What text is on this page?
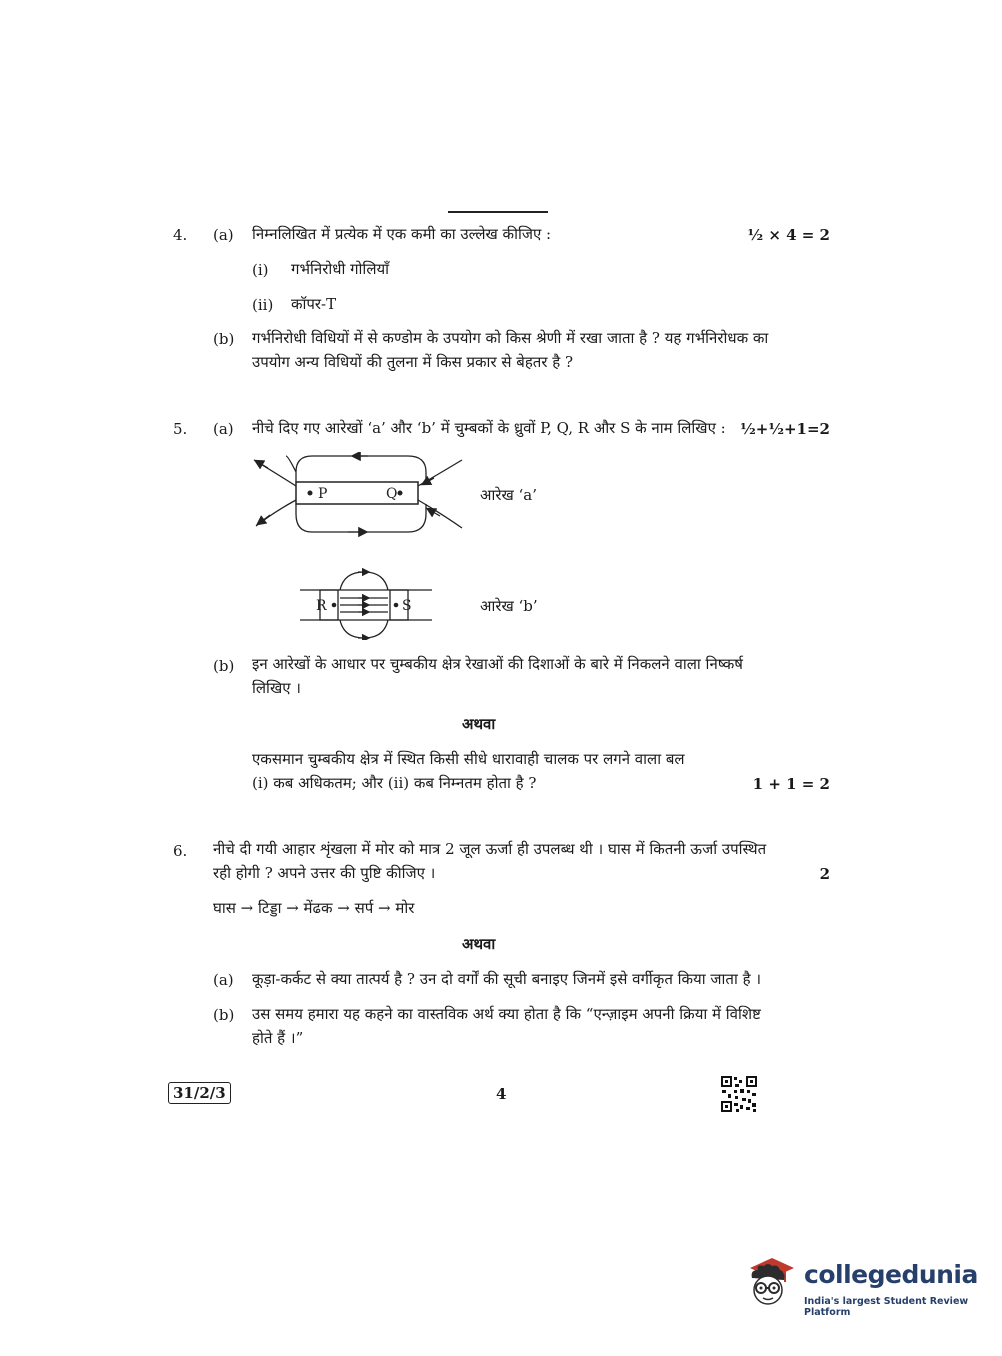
4. (a) निम्नलिखित में प्रत्येक में एक कमी का उल्लेख कीजिए :	½ × 4 = 2
(i) गर्भनिरोधी गोलियाँ
(ii) कॉपर-T
(b) गर्भनिरोधी विधियों में से कण्डोम के उपयोग को किस श्रेणी में रखा जाता है ? यह गर्भनिरोधक का
उपयोग अन्य विधियों की तुलना में किस प्रकार से बेहतर है ?
5. (a) नीचे दिए गए आरेखों ‘a’ और ‘b’ में चुम्बकों के ध्रुवों P, Q, R और S के नाम लिखिए : ½+½+1=2
P	Q	आरेख ‘a’
R	S	आरेख ‘b’
(b) इन आरेखों के आधार पर चुम्बकीय क्षेत्र रेखाओं की दिशाओं के बारे में निकलने वाला निष्कर्ष
लिखिए ।
अथवा
एकसमान चुम्बकीय क्षेत्र में स्थित किसी सीधे धारावाही चालक पर लगने वाला बल
(i) कब अधिकतम; और (ii) कब निम्नतम होता है ?	1 + 1 = 2
6. नीचे दी गयी आहार शृंखला में मोर को मात्र 2 जूल ऊर्जा ही उपलब्ध थी । घास में कितनी ऊर्जा उपस्थित
रही होगी ? अपने उत्तर की पुष्टि कीजिए ।	2
घास → टिड्डा → मेंढक → सर्प → मोर
अथवा
(a) कूड़ा-कर्कट से क्या तात्पर्य है ? उन दो वर्गों की सूची बनाइए जिनमें इसे वर्गीकृत किया जाता है ।
(b) उस समय हमारा यह कहने का वास्तविक अर्थ क्या होता है कि “एन्ज़ाइम अपनी क्रिया में विशिष्ट
होते हैं ।”
31/2/3	4
collegedunia
India's largest Student Review Platform
